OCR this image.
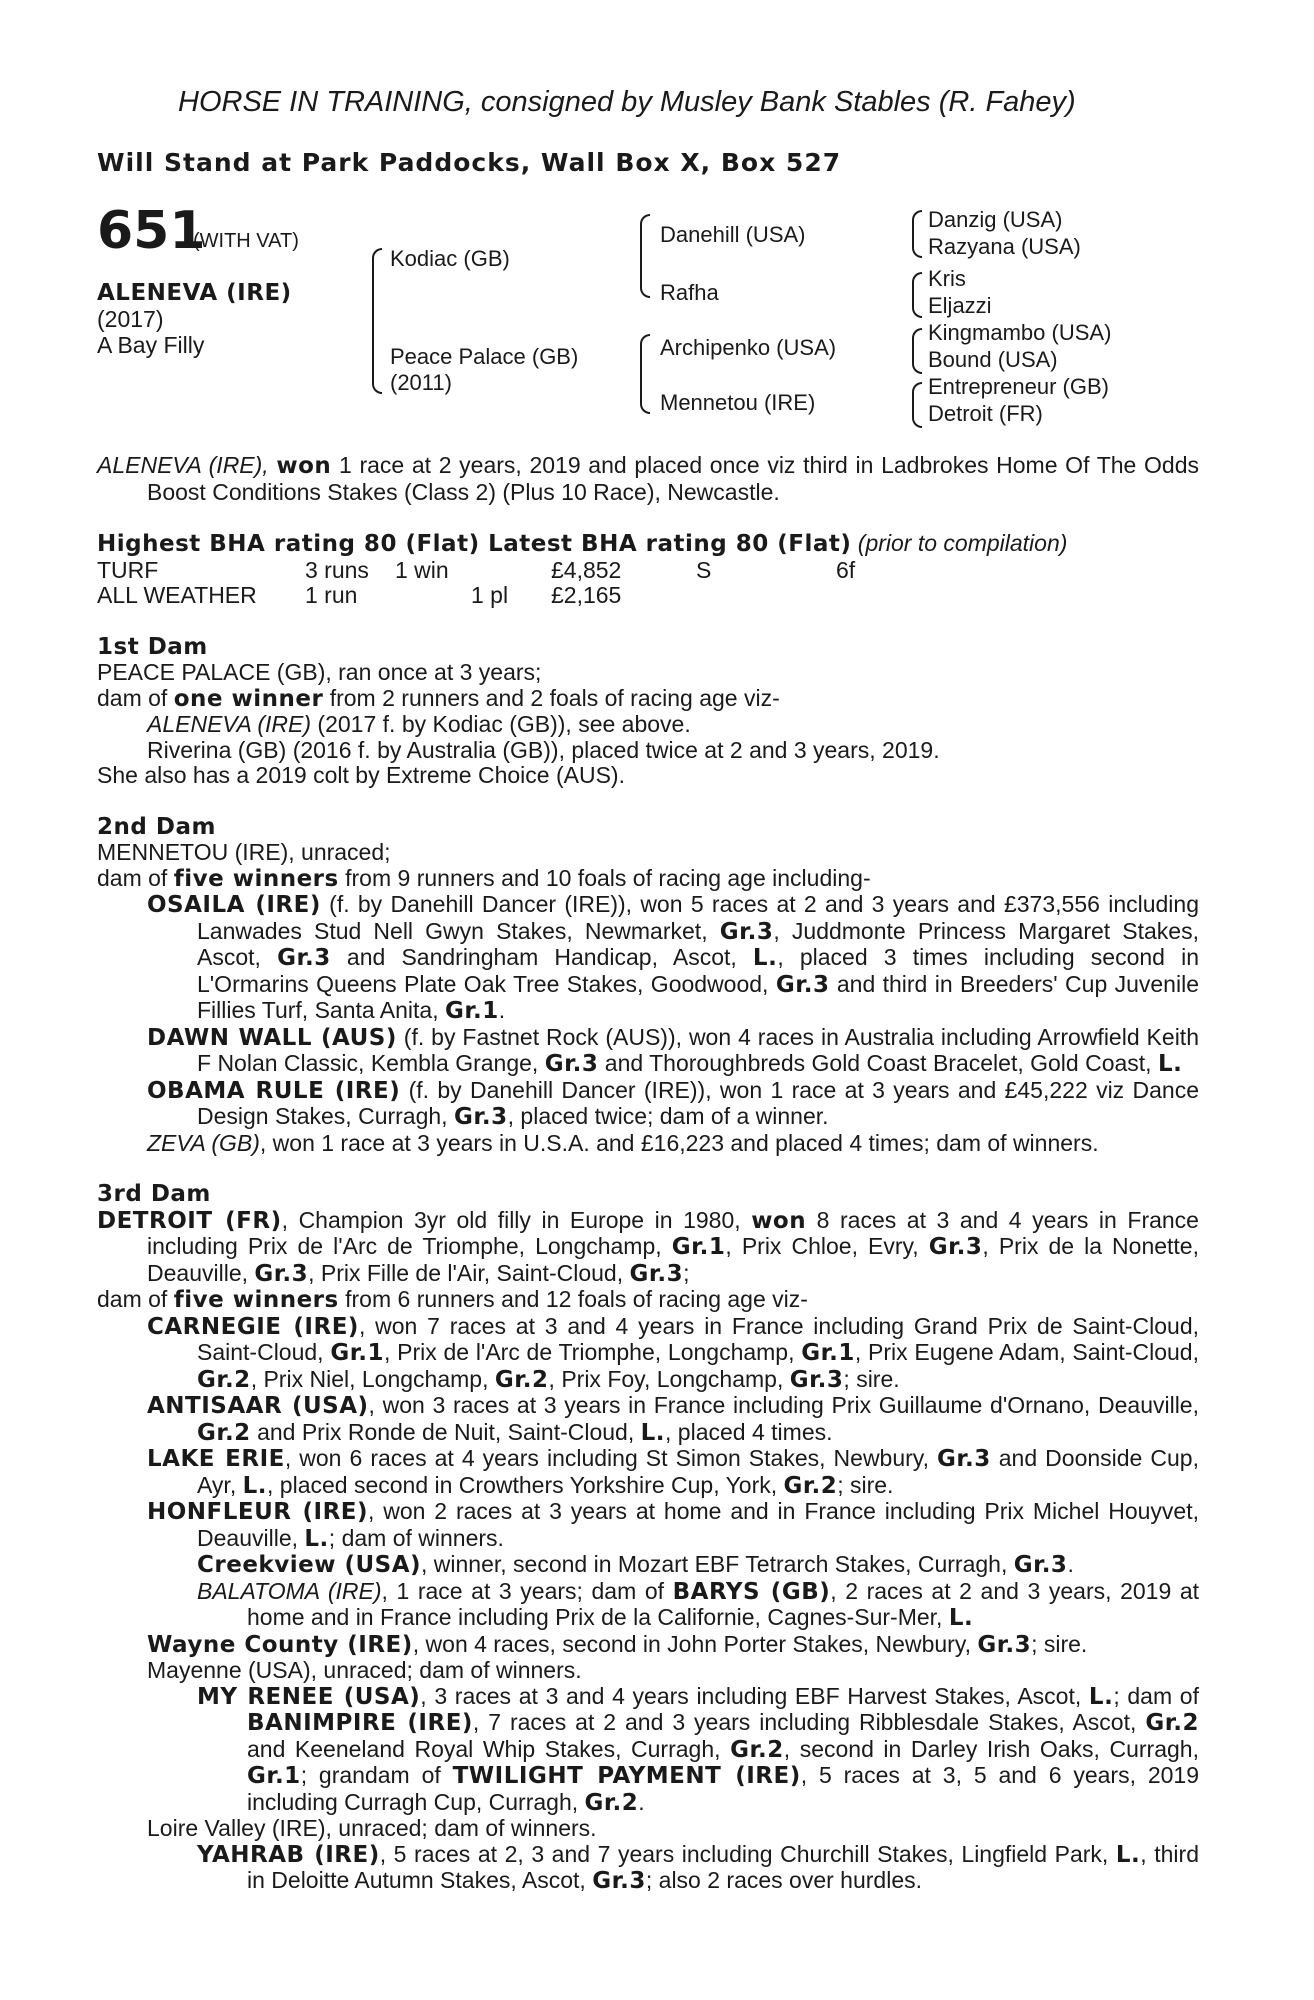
HORSE IN TRAINING, consigned by Musley Bank Stables (R. Fahey)
Will Stand at Park Paddocks, Wall Box X, Box 527
651
(WITH VAT)
ALENEVA (IRE)
(2017)
A Bay Filly
Kodiac (GB)
Peace Palace (GB)
(2011)
Danehill (USA)
Rafha
Archipenko (USA)
Mennetou (IRE)
Danzig (USA)
Razyana (USA)
Kris
Eljazzi
Kingmambo (USA)
Bound (USA)
Entrepreneur (GB)
Detroit (FR)
ALENEVA (IRE), won 1 race at 2 years, 2019 and placed once viz third in Ladbrokes Home Of The Odds Boost Conditions Stakes (Class 2) (Plus 10 Race), Newcastle.
Highest BHA rating 80 (Flat) Latest BHA rating 80 (Flat) (prior to compilation)
TURF	3 runs 1 win	£4,852	S	6f
ALL WEATHER 1 run	1 pl £2,165
1st Dam
PEACE PALACE (GB), ran once at 3 years;
dam of one winner from 2 runners and 2 foals of racing age viz-
ALENEVA (IRE) (2017 f. by Kodiac (GB)), see above.
Riverina (GB) (2016 f. by Australia (GB)), placed twice at 2 and 3 years, 2019.
She also has a 2019 colt by Extreme Choice (AUS).
2nd Dam
MENNETOU (IRE), unraced;
dam of five winners from 9 runners and 10 foals of racing age including-
OSAILA (IRE) (f. by Danehill Dancer (IRE)), won 5 races at 2 and 3 years and £373,556 including Lanwades Stud Nell Gwyn Stakes, Newmarket, Gr.3, Juddmonte Princess Margaret Stakes, Ascot, Gr.3 and Sandringham Handicap, Ascot, L., placed 3 times including second in L'Ormarins Queens Plate Oak Tree Stakes, Goodwood, Gr.3 and third in Breeders' Cup Juvenile Fillies Turf, Santa Anita, Gr.1.
DAWN WALL (AUS) (f. by Fastnet Rock (AUS)), won 4 races in Australia including Arrowfield Keith F Nolan Classic, Kembla Grange, Gr.3 and Thoroughbreds Gold Coast Bracelet, Gold Coast, L.
OBAMA RULE (IRE) (f. by Danehill Dancer (IRE)), won 1 race at 3 years and £45,222 viz Dance Design Stakes, Curragh, Gr.3, placed twice; dam of a winner.
ZEVA (GB), won 1 race at 3 years in U.S.A. and £16,223 and placed 4 times; dam of winners.
3rd Dam
DETROIT (FR), Champion 3yr old filly in Europe in 1980, won 8 races at 3 and 4 years in France including Prix de l'Arc de Triomphe, Longchamp, Gr.1, Prix Chloe, Evry, Gr.3, Prix de la Nonette, Deauville, Gr.3, Prix Fille de l'Air, Saint-Cloud, Gr.3;
dam of five winners from 6 runners and 12 foals of racing age viz-
CARNEGIE (IRE), won 7 races at 3 and 4 years in France including Grand Prix de Saint-Cloud, Saint-Cloud, Gr.1, Prix de l'Arc de Triomphe, Longchamp, Gr.1, Prix Eugene Adam, Saint-Cloud, Gr.2, Prix Niel, Longchamp, Gr.2, Prix Foy, Longchamp, Gr.3; sire.
ANTISAAR (USA), won 3 races at 3 years in France including Prix Guillaume d'Ornano, Deauville, Gr.2 and Prix Ronde de Nuit, Saint-Cloud, L., placed 4 times.
LAKE ERIE, won 6 races at 4 years including St Simon Stakes, Newbury, Gr.3 and Doonside Cup, Ayr, L., placed second in Crowthers Yorkshire Cup, York, Gr.2; sire.
HONFLEUR (IRE), won 2 races at 3 years at home and in France including Prix Michel Houyvet, Deauville, L.; dam of winners.
Creekview (USA), winner, second in Mozart EBF Tetrarch Stakes, Curragh, Gr.3.
BALATOMA (IRE), 1 race at 3 years; dam of BARYS (GB), 2 races at 2 and 3 years, 2019 at home and in France including Prix de la Californie, Cagnes-Sur-Mer, L.
Wayne County (IRE), won 4 races, second in John Porter Stakes, Newbury, Gr.3; sire.
Mayenne (USA), unraced; dam of winners.
MY RENEE (USA), 3 races at 3 and 4 years including EBF Harvest Stakes, Ascot, L.; dam of BANIMPIRE (IRE), 7 races at 2 and 3 years including Ribblesdale Stakes, Ascot, Gr.2 and Keeneland Royal Whip Stakes, Curragh, Gr.2, second in Darley Irish Oaks, Curragh, Gr.1; grandam of TWILIGHT PAYMENT (IRE), 5 races at 3, 5 and 6 years, 2019 including Curragh Cup, Curragh, Gr.2.
Loire Valley (IRE), unraced; dam of winners.
YAHRAB (IRE), 5 races at 2, 3 and 7 years including Churchill Stakes, Lingfield Park, L., third in Deloitte Autumn Stakes, Ascot, Gr.3; also 2 races over hurdles.
